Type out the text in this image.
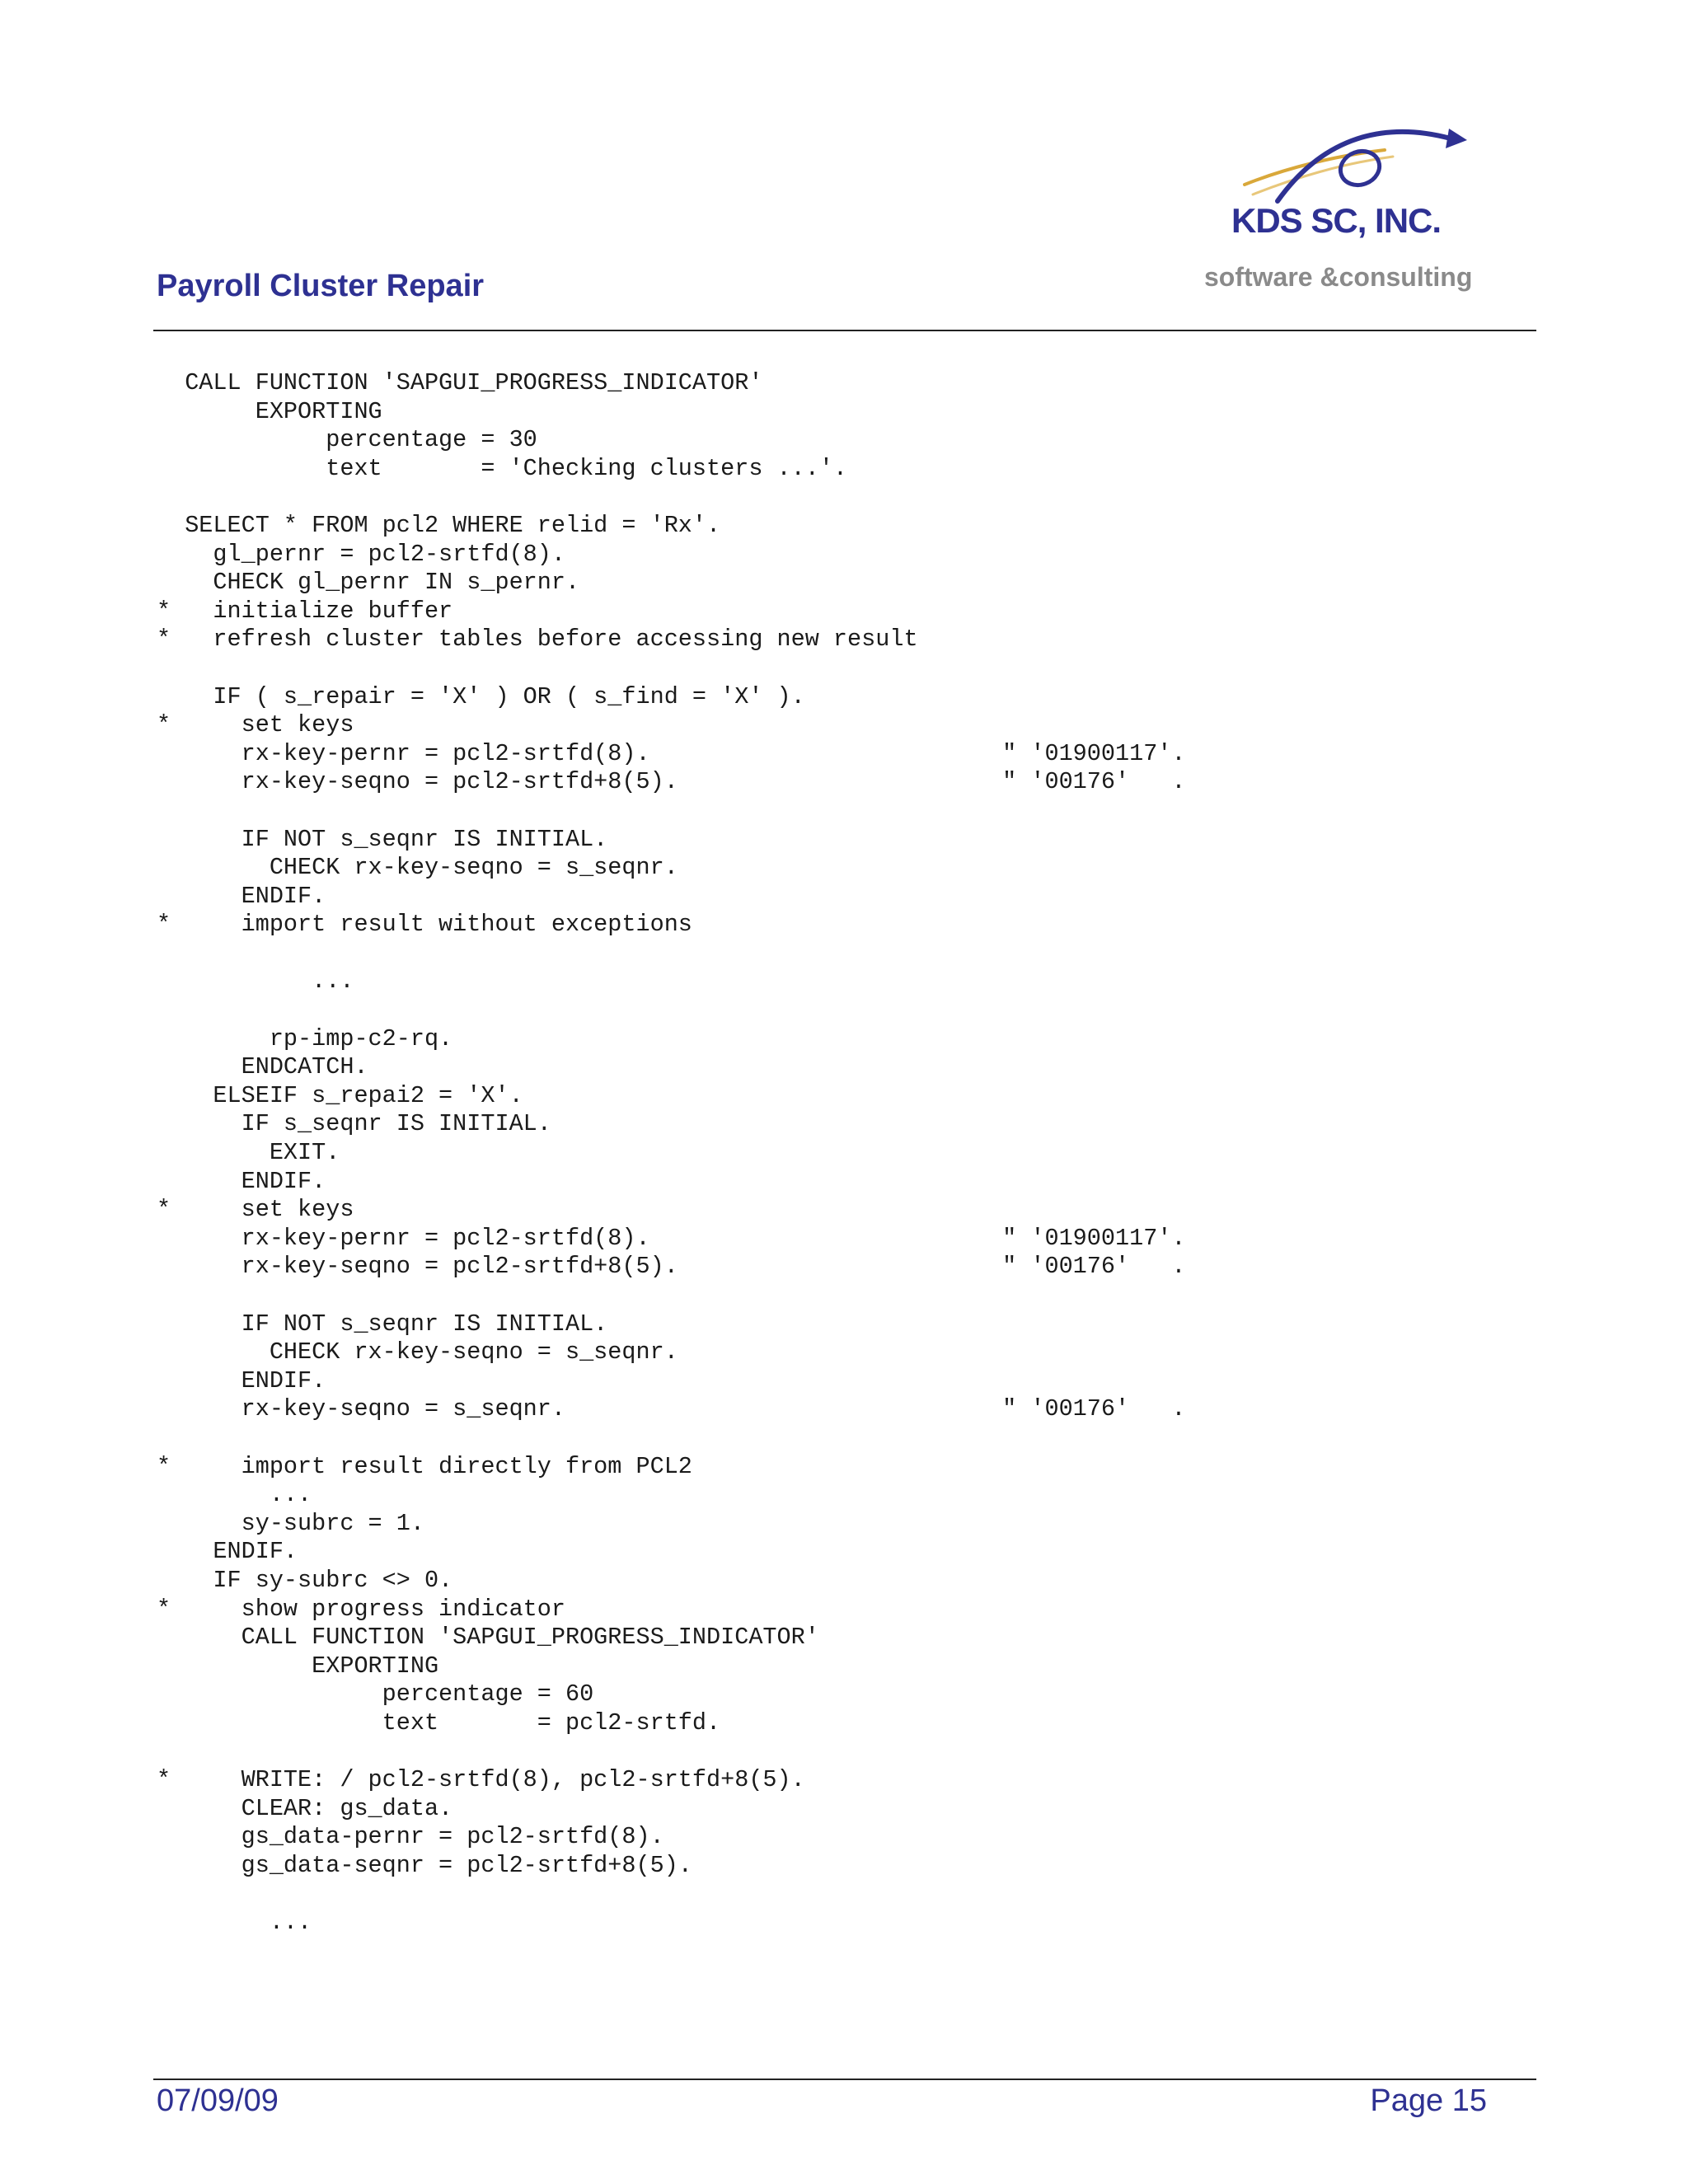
KDS SC, INC.
software &consulting
Payroll Cluster Repair
CALL FUNCTION 'SAPGUI_PROGRESS_INDICATOR'
EXPORTING
percentage = 30
text       = 'Checking clusters ...'.

SELECT * FROM pcl2 WHERE relid = 'Rx'.
gl_pernr = pcl2-srtfd(8).
CHECK gl_pernr IN s_pernr.
*   initialize buffer
*   refresh cluster tables before accessing new result

IF ( s_repair = 'X' ) OR ( s_find = 'X' ).
*     set keys
rx-key-pernr = pcl2-srtfd(8).                         " '01900117'.
rx-key-seqno = pcl2-srtfd+8(5).                       " '00176'   .

IF NOT s_seqnr IS INITIAL.
CHECK rx-key-seqno = s_seqnr.
ENDIF.
*     import result without exceptions

...

rp-imp-c2-rq.
ENDCATCH.
ELSEIF s_repai2 = 'X'.
IF s_seqnr IS INITIAL.
EXIT.
ENDIF.
*     set keys
rx-key-pernr = pcl2-srtfd(8).                         " '01900117'.
rx-key-seqno = pcl2-srtfd+8(5).                       " '00176'   .

IF NOT s_seqnr IS INITIAL.
CHECK rx-key-seqno = s_seqnr.
ENDIF.
rx-key-seqno = s_seqnr.                               " '00176'   .

*     import result directly from PCL2
...
sy-subrc = 1.
ENDIF.
IF sy-subrc <> 0.
*     show progress indicator
CALL FUNCTION 'SAPGUI_PROGRESS_INDICATOR'
EXPORTING
percentage = 60
text       = pcl2-srtfd.

*     WRITE: / pcl2-srtfd(8), pcl2-srtfd+8(5).
CLEAR: gs_data.
gs_data-pernr = pcl2-srtfd(8).
gs_data-seqnr = pcl2-srtfd+8(5).

...

07/09/09	Page 15
